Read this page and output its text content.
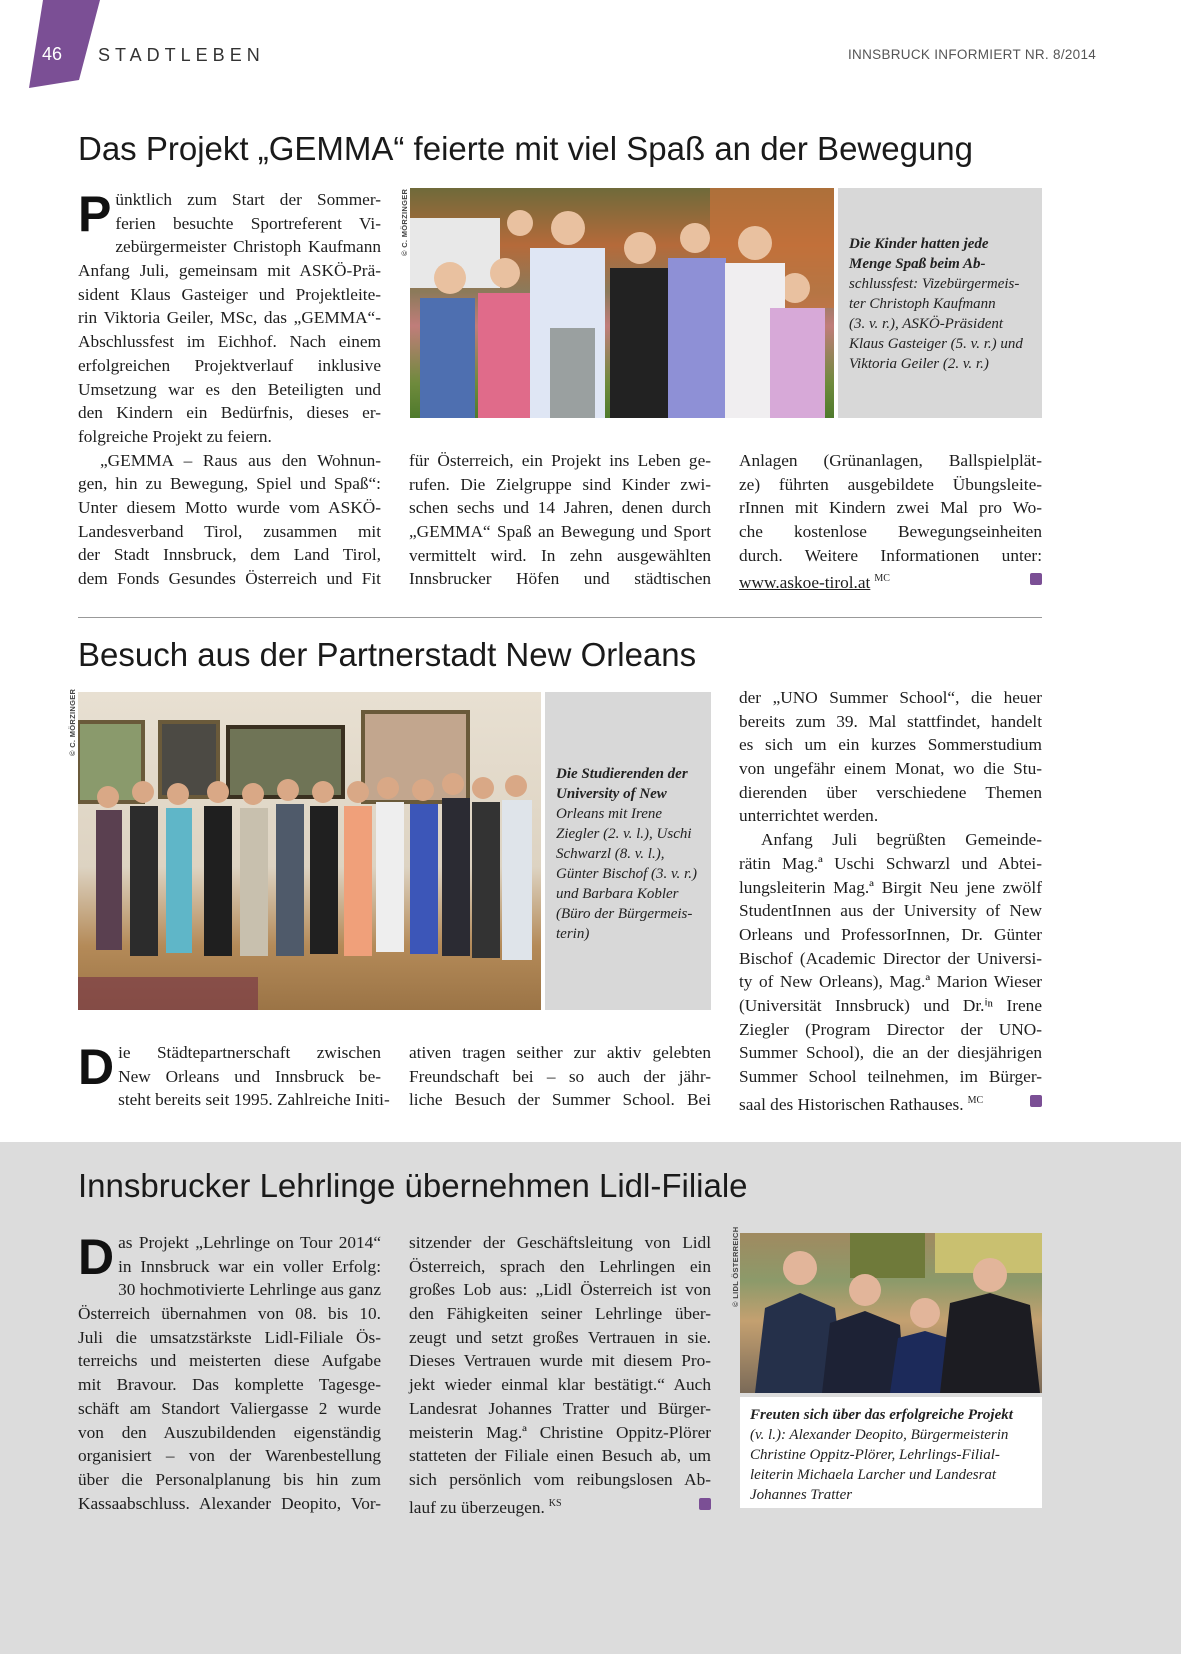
46 STADTLEBEN	INNSBRUCK INFORMIERT NR. 8/2014
Das Projekt „GEMMA“ feierte mit viel Spaß an der Bewegung
P ünktlich zum Start der Sommer-
ferien besuchte Sportreferent Vi-
zebürgermeister Christoph Kaufmann
Anfang Juli, gemeinsam mit ASKÖ-Prä-
sident Klaus Gasteiger und Projektleite-
rin Viktoria Geiler, MSc, das „GEMMA“-
Abschlussfest im Eichhof. Nach einem
erfolgreichen Projektverlauf inklusive
Umsetzung war es den Beteiligten und
den Kindern ein Bedürfnis, dieses er-
folgreiche Projekt zu feiern.
„GEMMA – Raus aus den Wohnun-
gen, hin zu Bewegung, Spiel und Spaß“:
Unter diesem Motto wurde vom ASKÖ-
Landesverband Tirol, zusammen mit
der Stadt Innsbruck, dem Land Tirol,
dem Fonds Gesundes Österreich und Fit
© C. MÖRZINGER	Die Kinder hatten jede
Menge Spaß beim Ab-
schlussfest: Vizebürgermeis-
ter Christoph Kaufmann
(3. v. r.), ASKÖ-Präsident
Klaus Gasteiger (5. v. r.) und
Viktoria Geiler (2. v. r.)
für Österreich, ein Projekt ins Leben ge-
rufen. Die Zielgruppe sind Kinder zwi-
schen sechs und 14 Jahren, denen durch
„GEMMA“ Spaß an Bewegung und Sport
vermittelt wird. In zehn ausgewählten
Innsbrucker Höfen und städtischen
Anlagen (Grünanlagen, Ballspielplät-
ze) führten ausgebildete Übungsleite-
rInnen mit Kindern zwei Mal pro Wo-
che kostenlose Bewegungseinheiten
durch. Weitere Informationen unter:
www.askoe-tirol.at $^{MC}$
Besuch aus der Partnerstadt New Orleans
© C. MÖRZINGER
Die Studierenden der
University of New
Orleans mit Irene
Ziegler (2. v. l.), Uschi
Schwarzl (8. v. l.),
Günter Bischof (3. v. r.)
und Barbara Kobler
(Büro der Bürgermeis-
terin)
D ie Städtepartnerschaft zwischen
New Orleans und Innsbruck be-
steht bereits seit 1995. Zahlreiche Initi-
ativen tragen seither zur aktiv gelebten
Freundschaft bei – so auch der jähr-
liche Besuch der Summer School. Bei
der „UNO Summer School“, die heuer
bereits zum 39. Mal stattfindet, handelt
es sich um ein kurzes Sommerstudium
von ungefähr einem Monat, wo die Stu-
dierenden über verschiedene Themen
unterrichtet werden.
Anfang Juli begrüßten Gemeinde-
rätin Mag.ª Uschi Schwarzl und Abtei-
lungsleiterin Mag.ª Birgit Neu jene zwölf
StudentInnen aus der University of New
Orleans und ProfessorInnen, Dr. Günter
Bischof (Academic Director der Universi-
ty of New Orleans), Mag.ª Marion Wieser
(Universität Innsbruck) und Dr.ⁱⁿ Irene
Ziegler (Program Director der UNO-
Summer School), die an der diesjährigen
Summer School teilnehmen, im Bürger-
saal des Historischen Rathauses. $^{MC}$
Innsbrucker Lehrlinge übernehmen Lidl-Filiale
D as Projekt „Lehrlinge on Tour 2014“
in Innsbruck war ein voller Erfolg:
30 hochmotivierte Lehrlinge aus ganz
Österreich übernahmen von 08. bis 10.
Juli die umsatzstärkste Lidl-Filiale Ös-
terreichs und meisterten diese Aufgabe
mit Bravour. Das komplette Tagesge-
schäft am Standort Valiergasse 2 wurde
von den Auszubildenden eigenständig
organisiert – von der Warenbestellung
über die Personalplanung bis hin zum
Kassaabschluss. Alexander Deopito, Vor-
sitzender der Geschäftsleitung von Lidl
Österreich, sprach den Lehrlingen ein
großes Lob aus: „Lidl Österreich ist von
den Fähigkeiten seiner Lehrlinge über-
zeugt und setzt großes Vertrauen in sie.
Dieses Vertrauen wurde mit diesem Pro-
jekt wieder einmal klar bestätigt.“ Auch
Landesrat Johannes Tratter und Bürger-
meisterin Mag.ª Christine Oppitz-Plörer
statteten der Filiale einen Besuch ab, um
sich persönlich vom reibungslosen Ab-
lauf zu überzeugen. $^{KS}$
© LIDL ÖSTERREICH
Freuten sich über das erfolgreiche Projekt
(v. l.): Alexander Deopito, Bürgermeisterin
Christine Oppitz-Plörer, Lehrlings-Filial-
leiterin Michaela Larcher und Landesrat
Johannes Tratter
